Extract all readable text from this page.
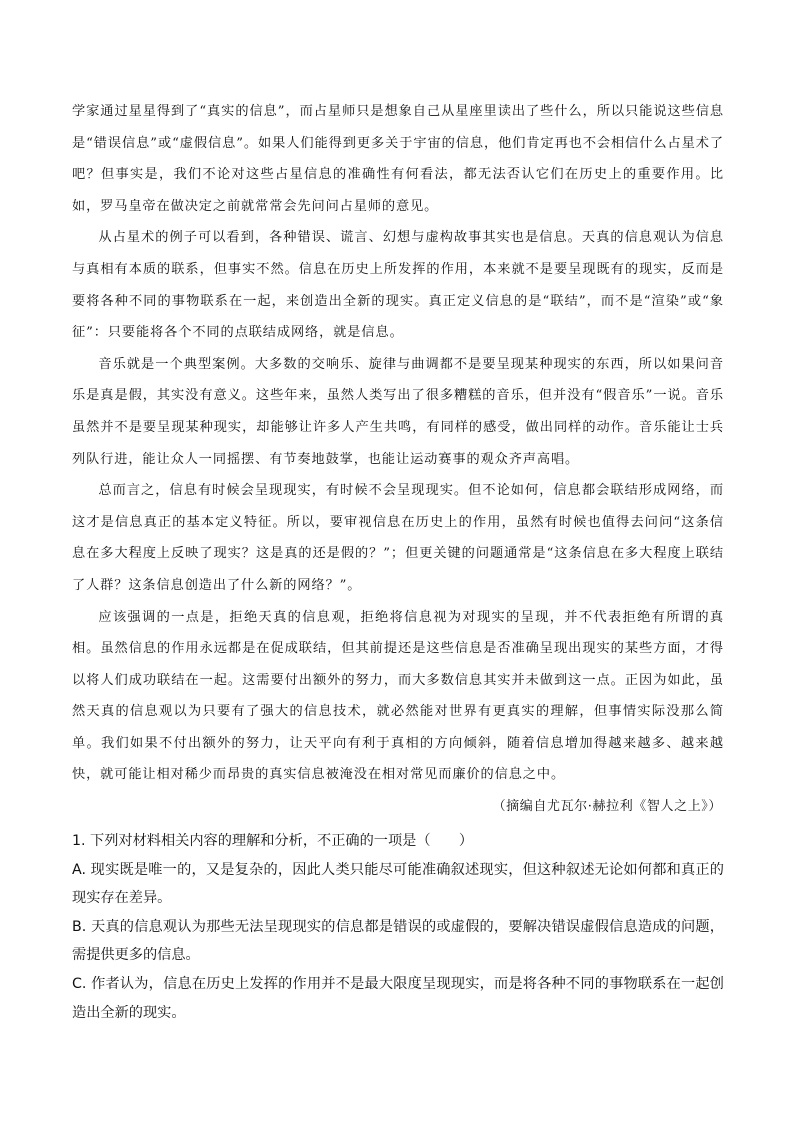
学家通过星星得到了“真实的信息”，而占星师只是想象自己从星座里读出了些什么，所以只能说这些信息是“错误信息”或“虚假信息”。如果人们能得到更多关于宇宙的信息，他们肯定再也不会相信什么占星术了吧？但事实是，我们不论对这些占星信息的准确性有何看法，都无法否认它们在历史上的重要作用。比如，罗马皇帝在做决定之前就常常会先问问占星师的意见。

从占星术的例子可以看到，各种错误、谎言、幻想与虚构故事其实也是信息。天真的信息观认为信息与真相有本质的联系，但事实不然。信息在历史上所发挥的作用，本来就不是要呈现既有的现实，反而是要将各种不同的事物联系在一起，来创造出全新的现实。真正定义信息的是“联结”，而不是“渲染”或“象征”：只要能将各个不同的点联结成网络，就是信息。

音乐就是一个典型案例。大多数的交响乐、旋律与曲调都不是要呈现某种现实的东西，所以如果问音乐是真是假，其实没有意义。这些年来，虽然人类写出了很多糟糕的音乐，但并没有“假音乐”一说。音乐虽然并不是要呈现某种现实，却能够让许多人产生共鸣，有同样的感受，做出同样的动作。音乐能让士兵列队行进，能让众人一同摇摆、有节奏地鼓掌，也能让运动赛事的观众齐声高唱。

总而言之，信息有时候会呈现现实，有时候不会呈现现实。但不论如何，信息都会联结形成网络，而这才是信息真正的基本定义特征。所以，要审视信息在历史上的作用，虽然有时候也值得去问问“这条信息在多大程度上反映了现实？这是真的还是假的？”；但更关键的问题通常是“这条信息在多大程度上联结了人群？这条信息创造出了什么新的网络？”。

应该强调的一点是，拒绝天真的信息观，拒绝将信息视为对现实的呈现，并不代表拒绝有所谓的真相。虽然信息的作用永远都是在促成联结，但其前提还是这些信息是否准确呈现出现实的某些方面，才得以将人们成功联结在一起。这需要付出额外的努力，而大多数信息其实并未做到这一点。正因为如此，虽然天真的信息观以为只要有了强大的信息技术，就必然能对世界有更真实的理解，但事情实际没那么简单。我们如果不付出额外的努力，让天平向有利于真相的方向倾斜，随着信息增加得越来越多、越来越快，就可能让相对稀少而昂贵的真实信息被淹没在相对常见而廉价的信息之中。

（摘编自尤瓦尔·赫拉利《智人之上》）

1. 下列对材料相关内容的理解和分析，不正确的一项是（　　）

A. 现实既是唯一的，又是复杂的，因此人类只能尽可能准确叙述现实，但这种叙述无论如何都和真正的现实存在差异。

B. 天真的信息观认为那些无法呈现现实的信息都是错误的或虚假的，要解决错误虚假信息造成的问题，需提供更多的信息。

C. 作者认为，信息在历史上发挥的作用并不是最大限度呈现现实，而是将各种不同的事物联系在一起创造出全新的现实。
